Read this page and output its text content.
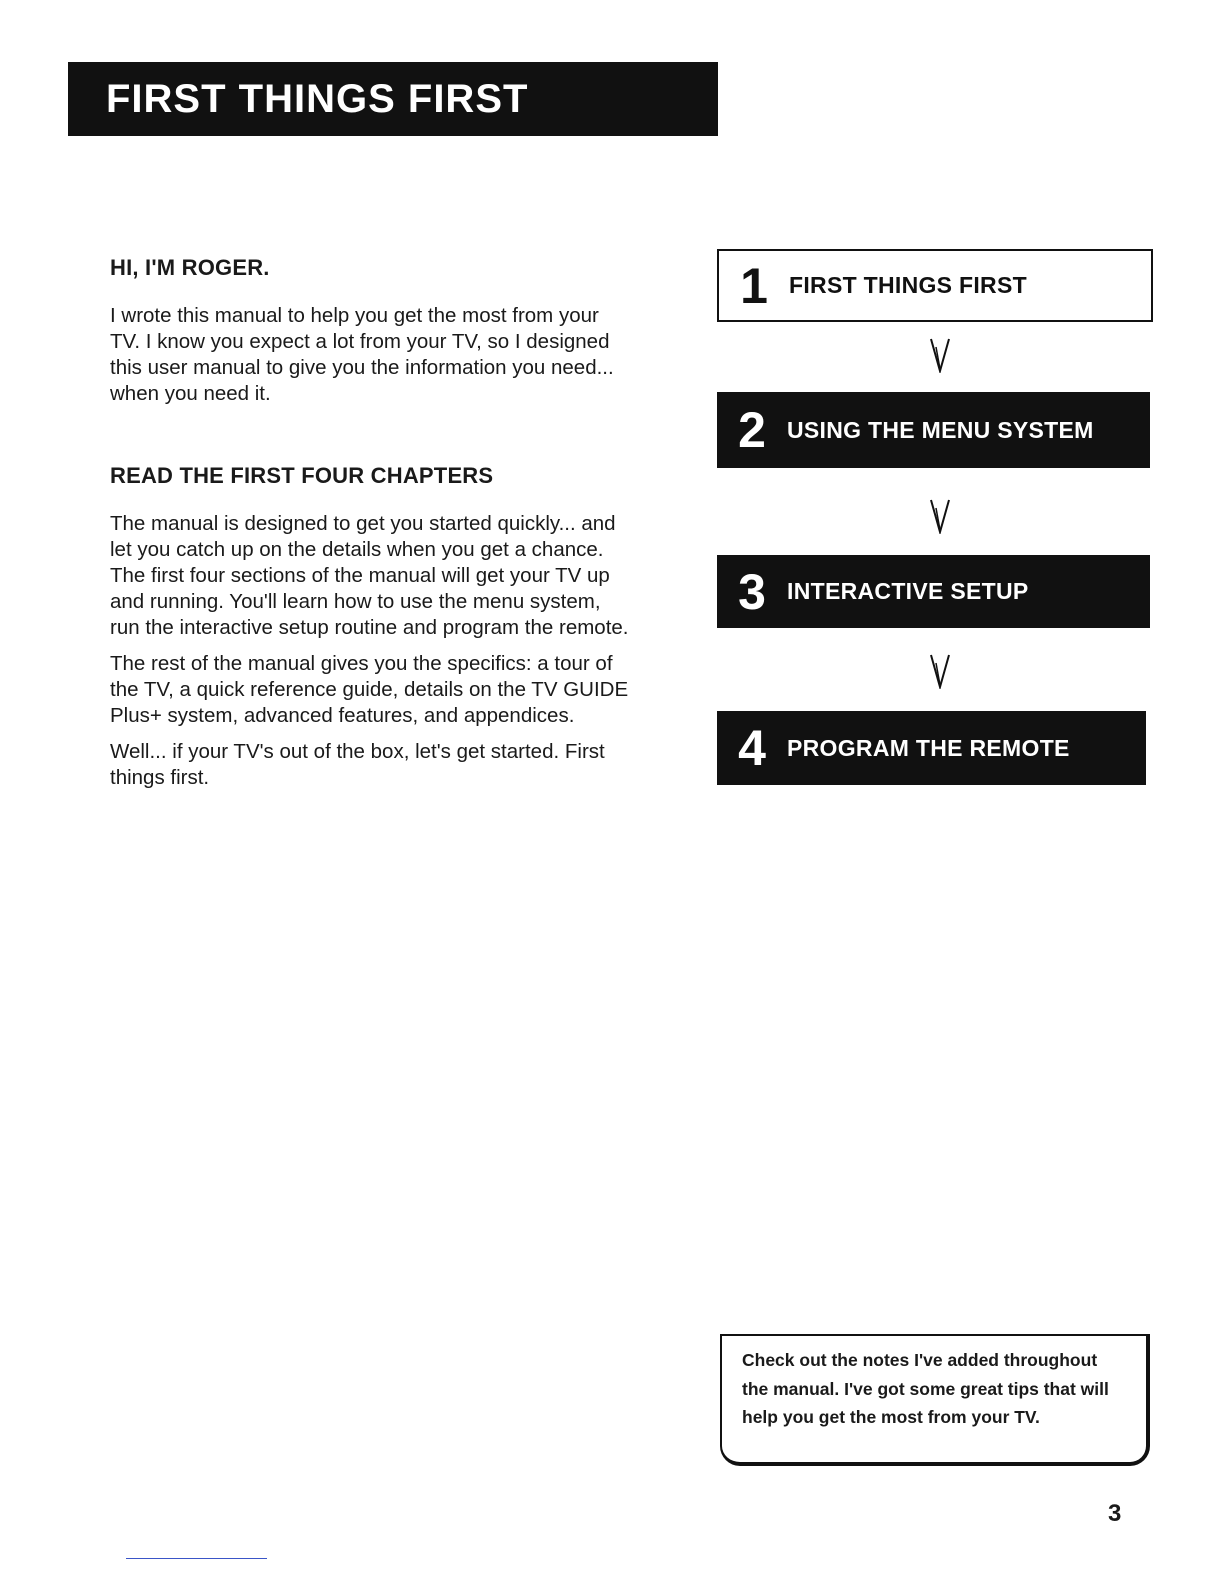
FIRST THINGS FIRST
HI, I'M ROGER.

I wrote this manual to help you get the most from your TV. I know you expect a lot from your TV, so I designed this user manual to give you the information you need... when you need it.

READ THE FIRST FOUR CHAPTERS

The manual is designed to get you started quickly... and let you catch up on the details when you get a chance. The first four sections of the manual will get your TV up and running. You'll learn how to use the menu system, run the interactive setup routine and program the remote.

The rest of the manual gives you the specifics: a tour of the TV, a quick reference guide, details on the TV GUIDE Plus+ system, advanced features, and appendices.

Well... if your TV's out of the box, let's get started. First things first.

1 FIRST THINGS FIRST
2 USING THE MENU SYSTEM
3 INTERACTIVE SETUP
4 PROGRAM THE REMOTE

Check out the notes I've added throughout the manual. I've got some great tips that will help you get the most from your TV.

3
